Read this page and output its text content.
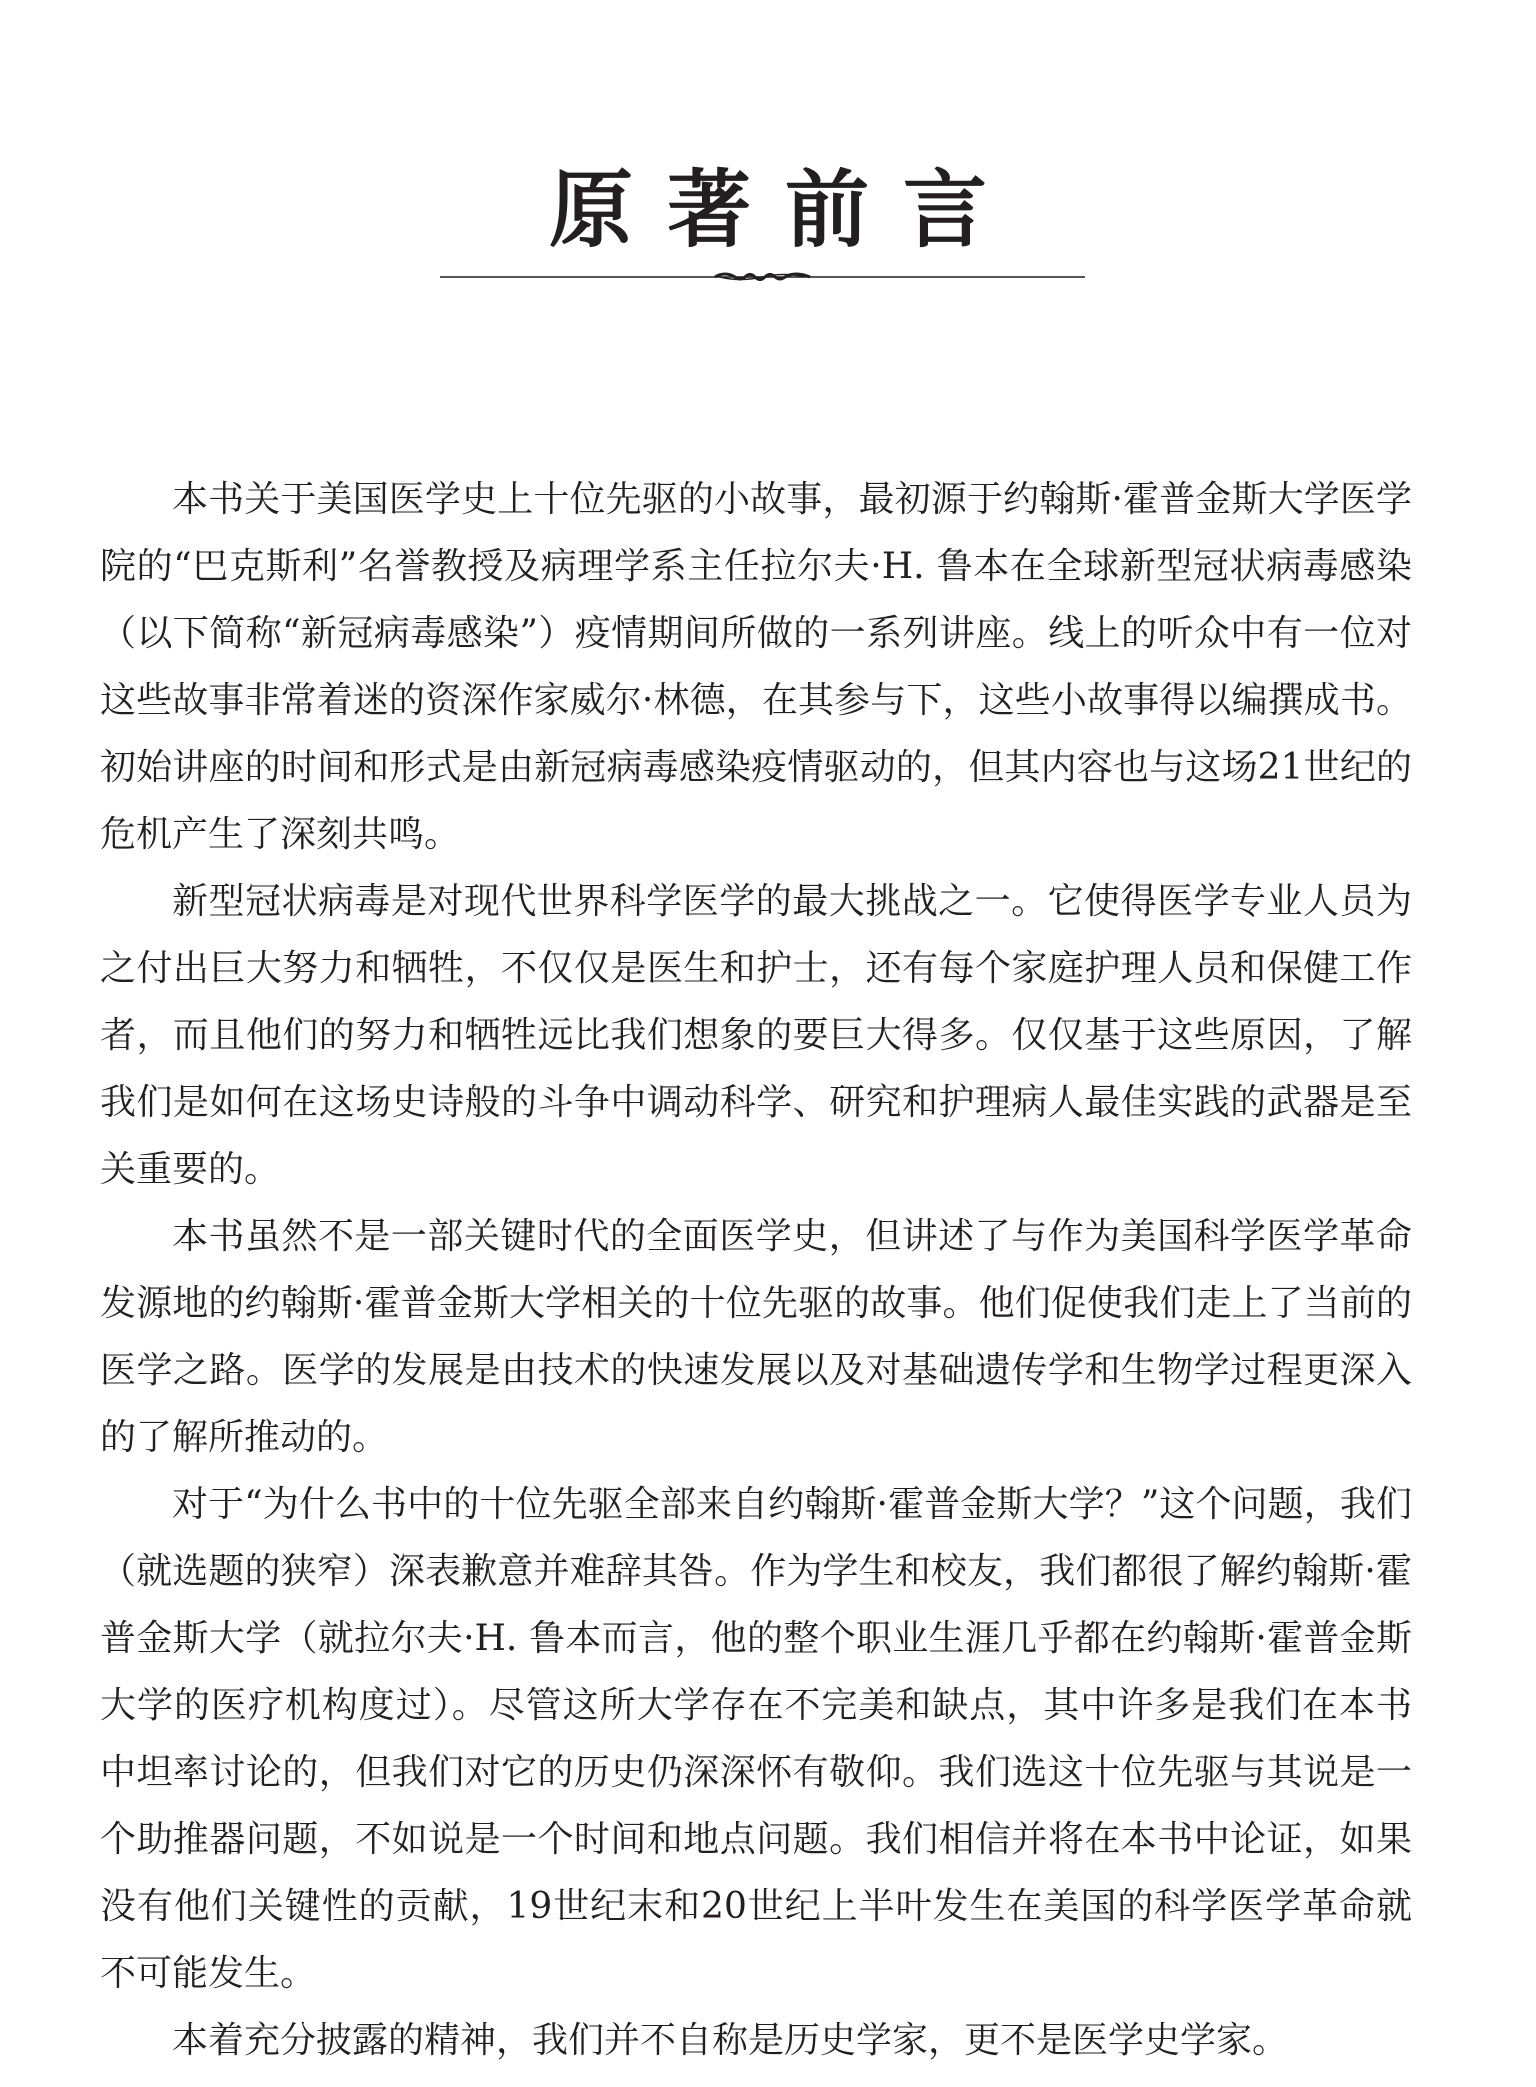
原著前言

本书关于美国医学史上十位先驱的小故事，最初源于约翰斯·霍普金斯大学医学院的“巴克斯利”名誉教授及病理学系主任拉尔夫·H. 鲁本在全球新型冠状病毒感染（以下简称“新冠病毒感染”）疫情期间所做的一系列讲座。线上的听众中有一位对这些故事非常着迷的资深作家威尔·林德，在其参与下，这些小故事得以编撰成书。初始讲座的时间和形式是由新冠病毒感染疫情驱动的，但其内容也与这场21世纪的危机产生了深刻共鸣。

新型冠状病毒是对现代世界科学医学的最大挑战之一。它使得医学专业人员为之付出巨大努力和牺牲，不仅仅是医生和护士，还有每个家庭护理人员和保健工作者，而且他们的努力和牺牲远比我们想象的要巨大得多。仅仅基于这些原因，了解我们是如何在这场史诗般的斗争中调动科学、研究和护理病人最佳实践的武器是至关重要的。

本书虽然不是一部关键时代的全面医学史，但讲述了与作为美国科学医学革命发源地的约翰斯·霍普金斯大学相关的十位先驱的故事。他们促使我们走上了当前的医学之路。医学的发展是由技术的快速发展以及对基础遗传学和生物学过程更深入的了解所推动的。

对于“为什么书中的十位先驱全部来自约翰斯·霍普金斯大学？”这个问题，我们（就选题的狭窄）深表歉意并难辞其咎。作为学生和校友，我们都很了解约翰斯·霍普金斯大学（就拉尔夫·H. 鲁本而言，他的整个职业生涯几乎都在约翰斯·霍普金斯大学的医疗机构度过）。尽管这所大学存在不完美和缺点，其中许多是我们在本书中坦率讨论的，但我们对它的历史仍深深怀有敬仰。我们选这十位先驱与其说是一个助推器问题，不如说是一个时间和地点问题。我们相信并将在本书中论证，如果没有他们关键性的贡献，19世纪末和20世纪上半叶发生在美国的科学医学革命就不可能发生。

本着充分披露的精神，我们并不自称是历史学家，更不是医学史学家。
